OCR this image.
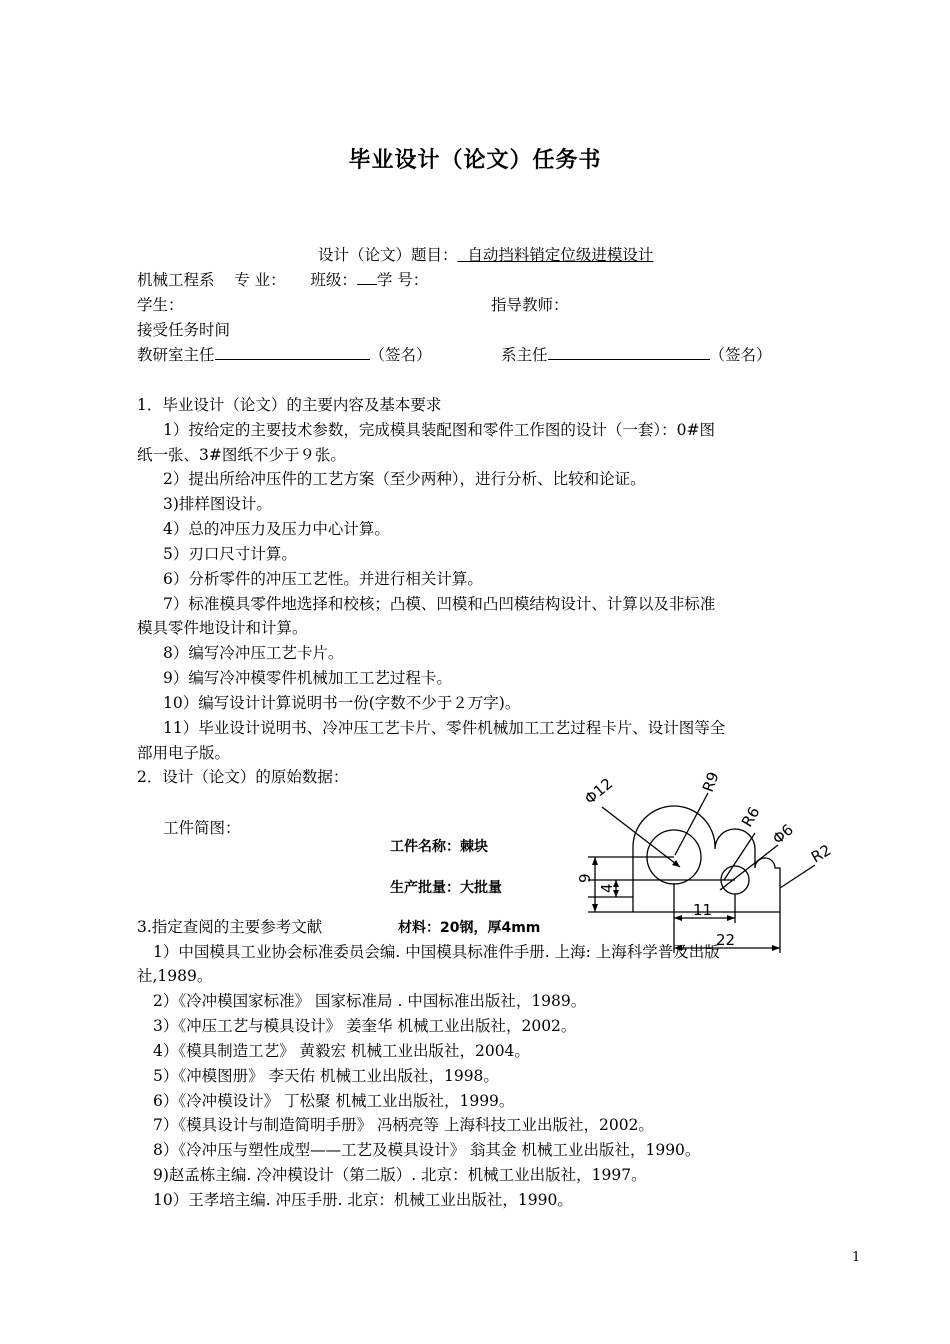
毕业设计（论文）任务书
设计（论文）题目： 自动挡料销定位级进模设计
机械工程系 专 业： 班级： 学 号：
学生：	指导教师：
接受任务时间
教研室主任	（签名）	系主任	（签名）
1．毕业设计（论文）的主要内容及基本要求
1）按给定的主要技术参数，完成模具装配图和零件工作图的设计（一套）：0#图
纸一张、3#图纸不少于９张。
2）提出所给冲压件的工艺方案（至少两种），进行分析、比较和论证。
3)排样图设计。
4）总的冲压力及压力中心计算。
5）刃口尺寸计算。
6）分析零件的冲压工艺性。并进行相关计算。
7）标准模具零件地选择和校核；凸模、凹模和凸凹模结构设计、计算以及非标准
模具零件地设计和计算。
8）编写冷冲压工艺卡片。
9）编写冷冲模零件机械加工工艺过程卡。
10）编写设计计算说明书一份(字数不少于２万字)。
11）毕业设计说明书、冷冲压工艺卡片、零件机械加工工艺过程卡片、设计图等全
部用电子版。
2．设计（论文）的原始数据：
工件简图：
工件名称：棘块
生产批量：大批量
Φ12	R9
R6
Φ6
R2
9
4
11
22
3.指定查阅的主要参考文献	材料：20钢，厚4mm
1）中国模具工业协会标准委员会编. 中国模具标准件手册. 上海: 上海科学普及出版
社,1989。
2）《冷冲模国家标准》 国家标准局 . 中国标准出版社，1989。
3）《冲压工艺与模具设计》 姜奎华 机械工业出版社，2002。
4）《模具制造工艺》 黄毅宏 机械工业出版社，2004。
5）《冲模图册》 李天佑 机械工业出版社，1998。
6）《冷冲模设计》 丁松聚 机械工业出版社，1999。
7）《模具设计与制造简明手册》 冯柄亮等 上海科技工业出版社，2002。
8）《冷冲压与塑性成型——工艺及模具设计》 翁其金 机械工业出版社，1990。
9)赵孟栋主编. 冷冲模设计（第二版）. 北京：机械工业出版社，1997。
10）王孝培主编. 冲压手册. 北京：机械工业出版社，1990。
1
